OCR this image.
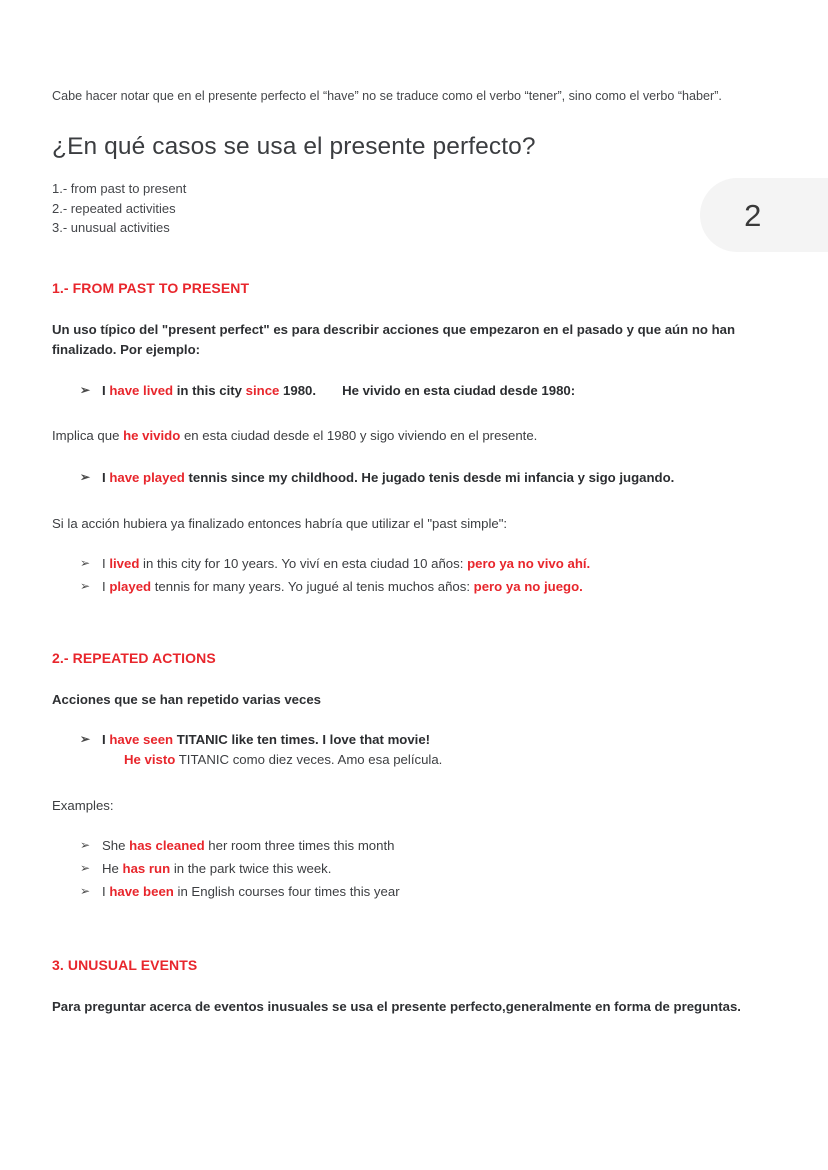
2

Cabe hacer notar que en el presente perfecto el “have” no se traduce como el verbo “tener”, sino como el verbo “haber”.

¿En qué casos se usa el presente perfecto?
1.- from past to present
2.- repeated activities
3.- unusual activities
1.- FROM PAST TO PRESENT

Un uso típico del "present perfect" es para describir acciones que empezaron en el pasado y que aún no han finalizado. Por ejemplo:

➢ I have lived in this city since 1980. He vivido en esta ciudad desde 1980:

Implica que he vivido en esta ciudad desde el 1980 y sigo viviendo en el presente.

➢ I have played tennis since my childhood. He jugado tenis desde mi infancia y sigo jugando.

Si la acción hubiera ya finalizado entonces habría que utilizar el "past simple":

➢ I lived in this city for 10 years. Yo viví en esta ciudad 10 años: pero ya no vivo ahí.
➢ I played tennis for many years. Yo jugué al tenis muchos años: pero ya no juego.
2.- REPEATED ACTIONS

Acciones que se han repetido varias veces

➢ I have seen TITANIC like ten times. I love that movie!
He visto TITANIC como diez veces. Amo esa película.

Examples:

➢ She has cleaned her room three times this month
➢ He has run in the park twice this week.
➢ I have been in English courses four times this year
3. UNUSUAL EVENTS

Para preguntar acerca de eventos inusuales se usa el presente perfecto,generalmente en forma de preguntas.
